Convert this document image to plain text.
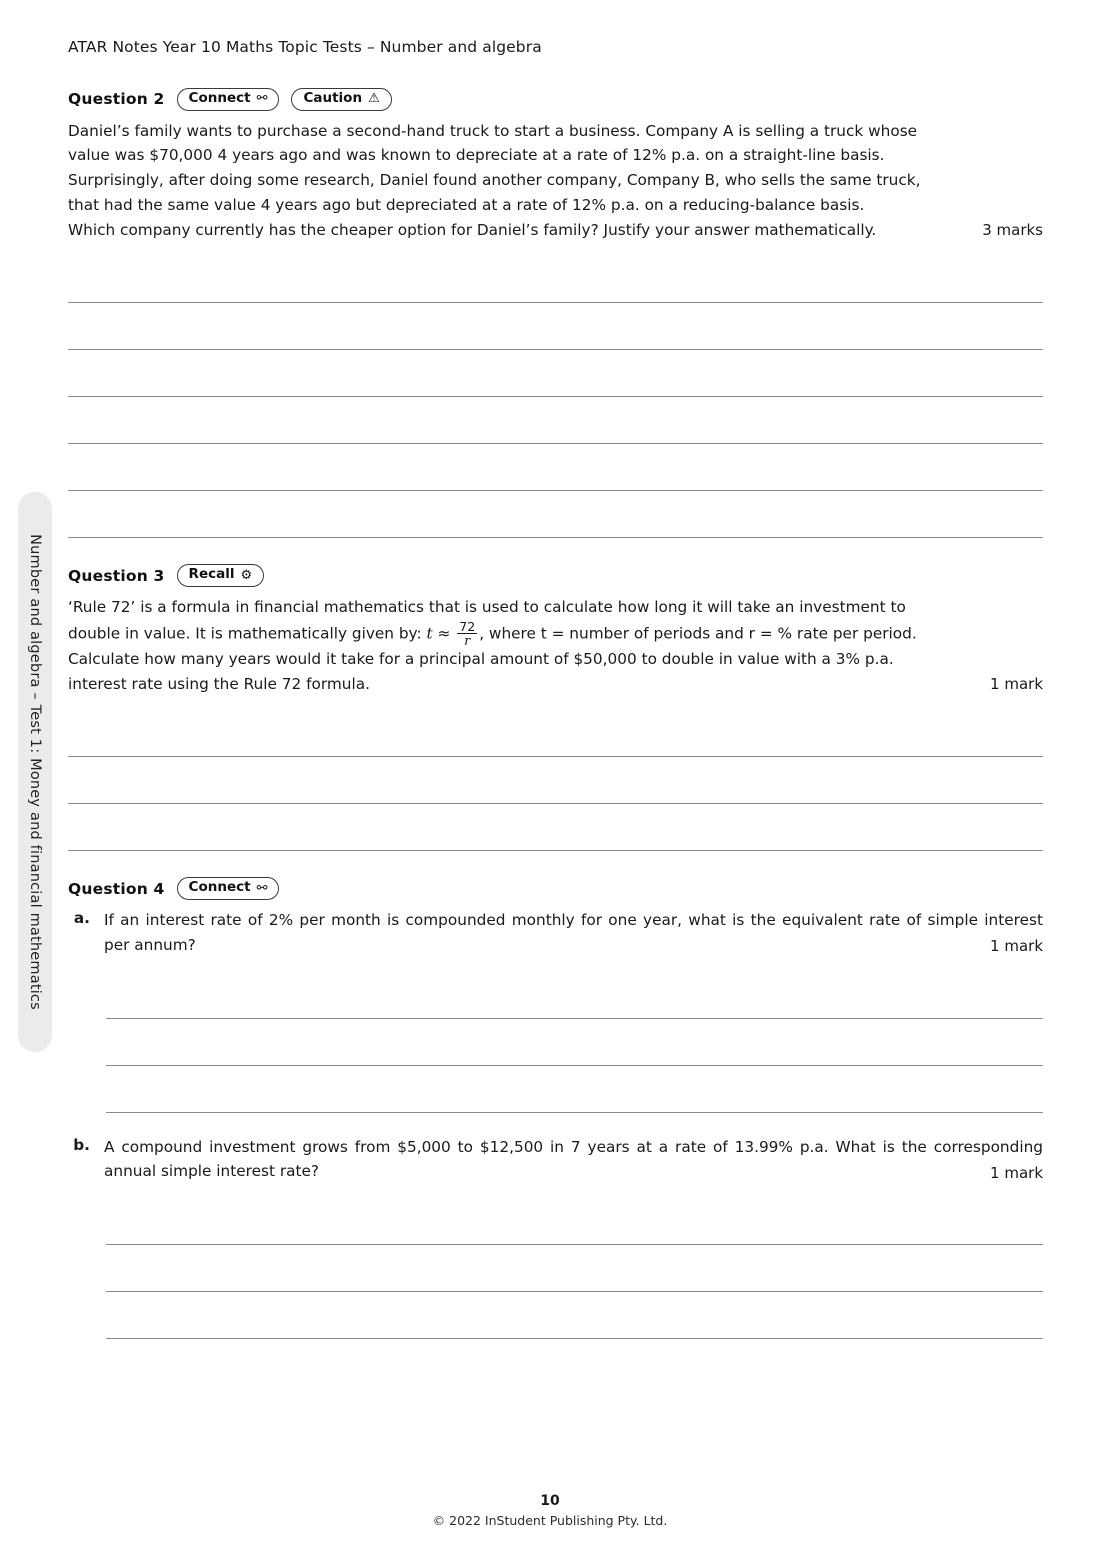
Number and algebra – Test 1: Money and financial mathematics
ATAR Notes Year 10 Maths Topic Tests – Number and algebra
Question 2 Connect ⚯	Caution ⚠
Daniel’s family wants to purchase a second-hand truck to start a business. Company A is selling a truck whose
value was $70,000 4 years ago and was known to depreciate at a rate of 12% p.a. on a straight-line basis.
Surprisingly, after doing some research, Daniel found another company, Company B, who sells the same truck,
that had the same value 4 years ago but depreciated at a rate of 12% p.a. on a reducing-balance basis.
Which company currently has the cheaper option for Daniel’s family? Justify your answer mathematically.	3 marks
Question 3 Recall ⚙
‘Rule 72’ is a formula in financial mathematics that is used to calculate how long it will take an investment to
double in value. It is mathematically given by: $t \approx \frac{72}{r}$ , where t = number of periods and r = % rate per period.
Calculate how many years would it take for a principal amount of $50,000 to double in value with a 3% p.a.
interest rate using the Rule 72 formula.	1 mark
Question 4 Connect ⚯
a. If an interest rate of 2% per month is compounded monthly for one year, what is the equivalent rate of simple interest per annum?	1 mark
b. A compound investment grows from $5,000 to $12,500 in 7 years at a rate of 13.99% p.a. What is the corresponding annual simple interest rate?	1 mark
10
© 2022 InStudent Publishing Pty. Ltd.
